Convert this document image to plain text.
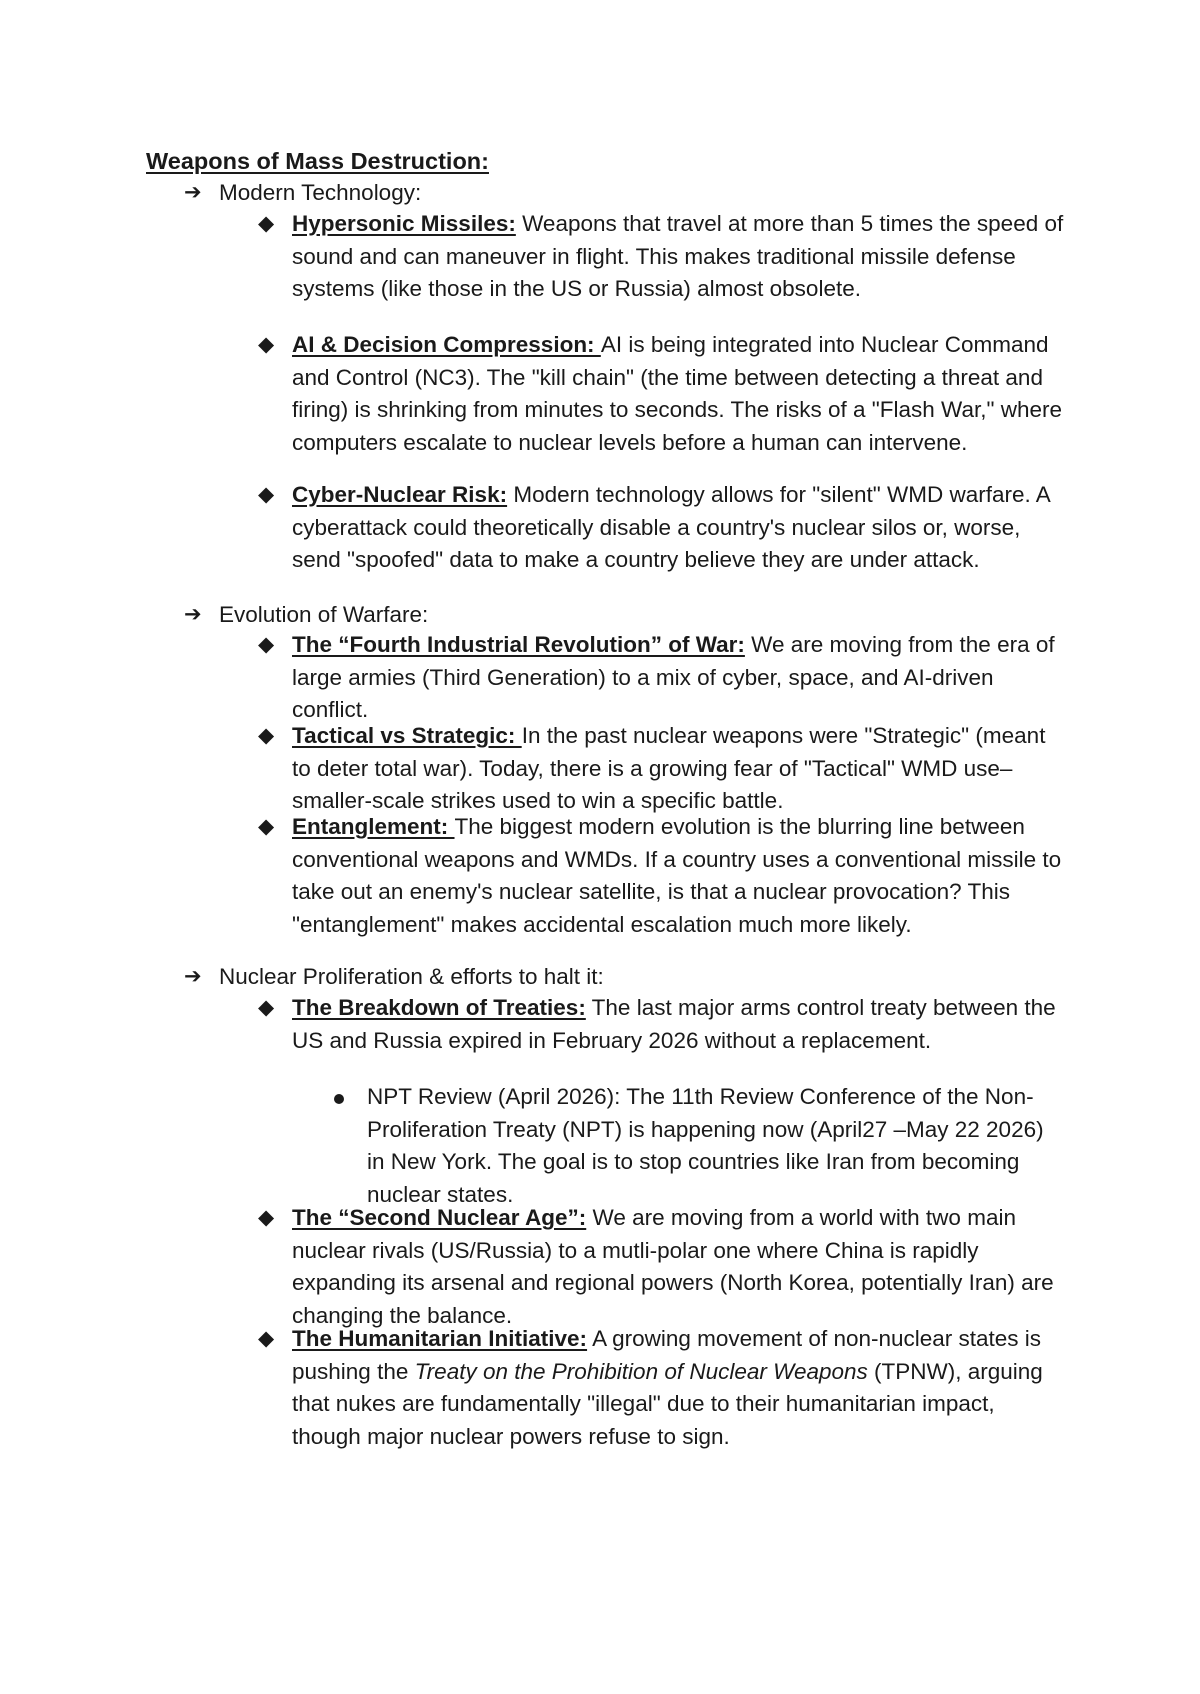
Weapons of Mass Destruction:
➔ Modern Technology:
◆ Hypersonic Missiles: Weapons that travel at more than 5 times the speed of sound and can maneuver in flight. This makes traditional missile defense systems (like those in the US or Russia) almost obsolete.
◆ AI & Decision Compression: AI is being integrated into Nuclear Command and Control (NC3). The "kill chain" (the time between detecting a threat and firing) is shrinking from minutes to seconds. The risks of a "Flash War," where computers escalate to nuclear levels before a human can intervene.
◆ Cyber-Nuclear Risk: Modern technology allows for "silent" WMD warfare. A cyberattack could theoretically disable a country's nuclear silos or, worse, send "spoofed" data to make a country believe they are under attack.
➔ Evolution of Warfare:
◆ The “Fourth Industrial Revolution” of War: We are moving from the era of large armies (Third Generation) to a mix of cyber, space, and AI-driven conflict.
◆ Tactical vs Strategic: In the past nuclear weapons were "Strategic" (meant to deter total war). Today, there is a growing fear of "Tactical" WMD use–smaller-scale strikes used to win a specific battle.
◆ Entanglement: The biggest modern evolution is the blurring line between conventional weapons and WMDs. If a country uses a conventional missile to take out an enemy's nuclear satellite, is that a nuclear provocation? This "entanglement" makes accidental escalation much more likely.
➔ Nuclear Proliferation & efforts to halt it:
◆ The Breakdown of Treaties: The last major arms control treaty between the US and Russia expired in February 2026 without a replacement.
NPT Review (April 2026): The 11th Review Conference of the Non-Proliferation Treaty (NPT) is happening now (April27 –May 22 2026) in New York. The goal is to stop countries like Iran from becoming nuclear states.
◆ The “Second Nuclear Age”: We are moving from a world with two main nuclear rivals (US/Russia) to a mutli-polar one where China is rapidly expanding its arsenal and regional powers (North Korea, potentially Iran) are changing the balance.
◆ The Humanitarian Initiative: A growing movement of non-nuclear states is pushing the Treaty on the Prohibition of Nuclear Weapons (TPNW), arguing that nukes are fundamentally "illegal" due to their humanitarian impact, though major nuclear powers refuse to sign.
